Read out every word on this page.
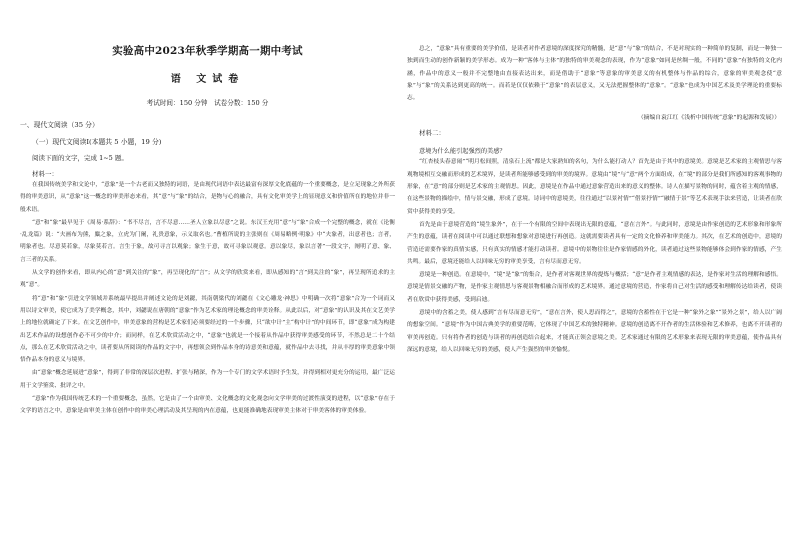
实验高中2023年秋季学期高一期中考试
语 文试卷
考试时间：150 分钟　试卷分数：150 分
一、现代文阅读（35 分）
（一）现代文阅读Ⅰ(本题共 5 小题，19 分)
阅读下面的文字，完成 1~5 题。
材料一：
在我国传统美学和文论中，“意象”是一个古老而又独特的词语，是由现代词语中表达最富有深厚文化底蕴的一个重要概念，是立足现象之外所获得的审美意识，从“意象”这一概念的审美形态来看，其“意”与“象”的结合，是物与心的融合，具有文化审美学上的显现意义和价值所在的地位并非一般术语。
“意”和“象”最早见于《周易·系辞》：“书不尽言，言不尽意……圣人立象以尽意”之说。东汉王充用“意”与“象”合成一个完整的概念，就在《论衡·乱龙篇》说：“夫画布为熊，麋之象，立虎为门阑，礼贵意象，示义取名也。”曹植所说的主张则在《周易略例·明象》中“夫象者，出意者也；言者，明象者也。尽意莫若象，尽象莫若言。言生于象，故可寻言以观象；象生于意，故可寻象以观意。意以象尽，象以言著”一段文字，阐明了意、象、言三者的关系。
从文学的创作来看，即从内心的“意”到关注的“象”，再呈现化的“言”；从文学的欣赏来看，即从感知的“言”到关注的“象”，再呈现所追求的主观“意”。
将“意”和“象”引进文学领域并系统最早提出并阐述文论的是刘勰，其南朝梁代的刘勰在《文心雕龙·神思》中明确一次将“意象”合为一个词而又用以诗文审美，使它成为了美学概念，其中，刘勰说在唐朝的“意象”作为艺术家的理论概念的审美诠释。从此以后，对“意象”的认识及其在文艺美学上的地位就确定了下来。在文艺创作中，审美意象的营构是艺术家们必须要经过的一个步骤，只“欲中计”主“构中计”的中间环节，即“意象”成为构建出艺术作品的设想创作必不可少的中介；而同样，在艺术欣赏活动之中，“意象”也就是一个接着从作品中获得审美感受的环节，不然总是二十个结点，那么在艺术欣赏活动之中，读者要从所阅读的作品的文字中，再想领会到作品本身的诗意美和意蕴，就作品中去寻找，并从丰厚的审美意象中领悟作品本身的意义与境界。
由“意象”概念延展进“意象”，得到了非常的深层次进程、扩张与精深，作为一个专门的文学术语时予生发，并得到相对更充分的运用，最广泛运用于文学鉴赏、批评之中。
“意象”作为我国传统艺术的一个重要概念，虽然，它是由了一个由审美、文化概念的文化观念向文学审美的过渡性演变的进程，以“意象”存在于文学的语言之中，意象是由审美主体在创作中的审美心理活动及其呈现的内在意蕴，也更能准确地表现审美主体对于审美客体的审美体验。
总之，“意象”具有重要的美学价值，是读者对作者意境的深度探究的精髓，是“意”与“象”的结合，不是对现实的一种简单的复制，而是一种独一独到而生动的创作新颖的美学形态。成为一种“客体与主体”的独特的审美观念的表现，作为“意象”如同是丝绸一般，不同的“意象”有独特的文化内涵，作品中的意义一般并不完整地由直接表达出来，而是借助于“意象”等意象的审美意义的有机整体与作品的综合，意象的审美观念使“意象”与“象”的关系达到更高的统一。而若是仅仅依赖于“意象”的表层意义，又无法把握整体的“意象”。“意象”也成为中国艺术及美学理论的重要标志。
（摘编自袁江红《浅析中国传统“意象”的起源和发展》）
材料二：
意境为什么能引起强烈的美感？
“红杏枝头春意闹”“明月松间照，清泉石上流”都是大家熟知的名句，为什么能打动人？首先是由于其中的意境美。意境是艺术家的主观情思与客观物境相互交融而形成的艺术境界，是读者所能够感受到的审美的境界。意境由“境”与“意”两个方面组成，在“境”的部分是我们所感知的客观事物的形象，在“意”的部分则是艺术家的主观情思。因此，意境是在作品中通过意象营造出来的意义的整体。诗人在描写景物的同时，蕴含着主观的情感，在这些景物的描绘中，情与景交融，形成了意境。诗词中的意境美，往往通过“以景衬情”“借景抒情”“融情于景”等艺术表现手法来营造，让读者在欣赏中获得美的享受。
首先是由于意境营造的“境生象外”，在于一个有限的空间中表现出无限的意蕴，“意在言外”。与此同时，意境是由作家创造的艺术形象和形象所产生的意蕴，读者在阅读中可以通过联想和想象对意境进行再创造。这就需要读者具有一定的文化修养和审美能力。其次，在艺术的创造中，意境的营造还需要作家的真情实感，只有真实的情感才能打动读者。意境中的景物往往是作家情感的外化，读者通过这些景物能够体会到作家的情感，产生共鸣。最后，意境还能给人以回味无穷的审美享受，言有尽而意无穷。
意境是一种创造。在意境中，“境”是“象”的集合，是作者对客观世界的提炼与概括；“意”是作者主观情感的表达，是作家对生活的理解和感悟。意境是情景交融的产物，是作家主观情思与客观景物相融合而形成的艺术境界。通过意境的营造，作家将自己对生活的感受和理解传达给读者，使读者在欣赏中获得美感，受到启迪。
意境中的含蓄之美，使人感到“言有尽而意无穷”，“意在言外，使人思而得之”，意境的含蓄性在于它是一种“象外之象”“景外之景”，给人以广阔的想象空间。“意境”作为中国古典美学的重要范畴，它体现了中国艺术的独特精神。意境的创造离不开作者的生活体验和艺术修养，也离不开读者的审美再创造。只有将作者的创造与读者的再创造结合起来，才能真正领会意境之美。艺术家通过有限的艺术形象来表现无限的审美意蕴，使作品具有深远的意境，给人以回味无穷的美感，使人产生强烈的审美愉悦。
